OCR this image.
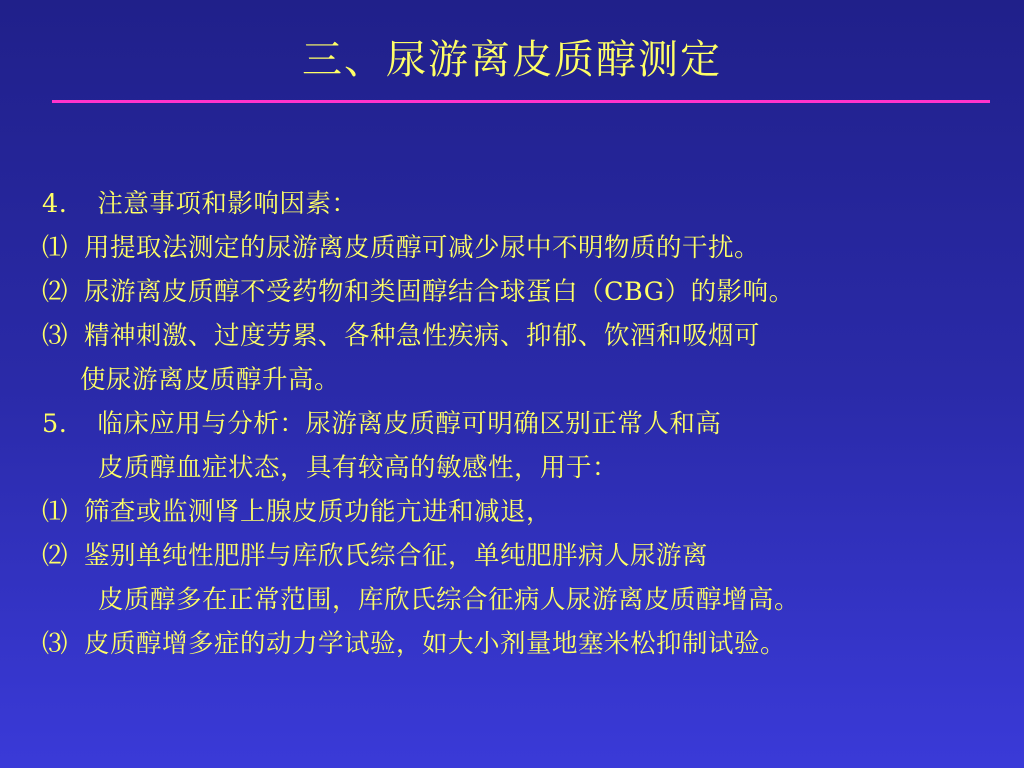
三、尿游离皮质醇测定
4. 注意事项和影响因素：
⑴ 用提取法测定的尿游离皮质醇可减少尿中不明物质的干扰。
⑵ 尿游离皮质醇不受药物和类固醇结合球蛋白（CBG）的影响。
⑶ 精神刺激、过度劳累、各种急性疾病、抑郁、饮酒和吸烟可
使尿游离皮质醇升高。
5. 临床应用与分析：尿游离皮质醇可明确区别正常人和高
皮质醇血症状态，具有较高的敏感性，用于：
⑴ 筛查或监测肾上腺皮质功能亢进和减退，
⑵ 鉴别单纯性肥胖与库欣氏综合征，单纯肥胖病人尿游离
皮质醇多在正常范围，库欣氏综合征病人尿游离皮质醇增高。
⑶ 皮质醇增多症的动力学试验，如大小剂量地塞米松抑制试验。
